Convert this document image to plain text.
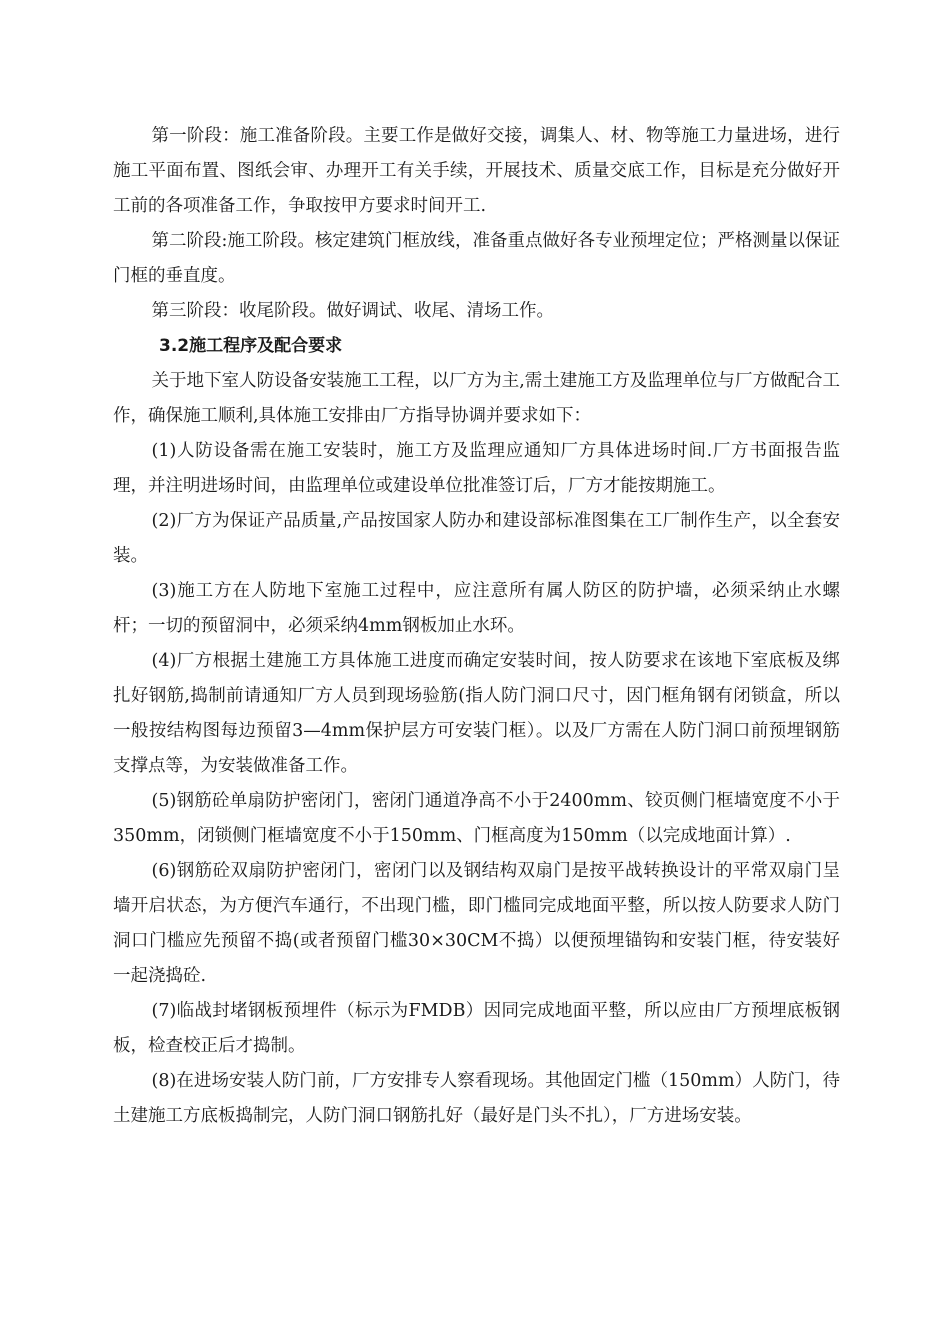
第一阶段：施工准备阶段。主要工作是做好交接，调集人、材、物等施工力量进场，进行施工平面布置、图纸会审、办理开工有关手续，开展技术、质量交底工作，目标是充分做好开工前的各项准备工作，争取按甲方要求时间开工.

第二阶段:施工阶段。核定建筑门框放线，准备重点做好各专业预埋定位；严格测量以保证门框的垂直度。

第三阶段：收尾阶段。做好调试、收尾、清场工作。

3.2施工程序及配合要求

关于地下室人防设备安装施工工程，以厂方为主,需土建施工方及监理单位与厂方做配合工作，确保施工顺利,具体施工安排由厂方指导协调并要求如下：

(1)人防设备需在施工安装时，施工方及监理应通知厂方具体进场时间.厂方书面报告监理，并注明进场时间，由监理单位或建设单位批准签订后，厂方才能按期施工。

(2)厂方为保证产品质量,产品按国家人防办和建设部标准图集在工厂制作生产，以全套安装。

(3)施工方在人防地下室施工过程中，应注意所有属人防区的防护墙，必须采纳止水螺杆；一切的预留洞中，必须采纳4mm钢板加止水环。

(4)厂方根据土建施工方具体施工进度而确定安装时间，按人防要求在该地下室底板及绑扎好钢筋,捣制前请通知厂方人员到现场验筋(指人防门洞口尺寸，因门框角钢有闭锁盒，所以一般按结构图每边预留3—4mm保护层方可安装门框）。以及厂方需在人防门洞口前预埋钢筋支撑点等，为安装做准备工作。

(5)钢筋砼单扇防护密闭门，密闭门通道净高不小于2400mm、铰页侧门框墙宽度不小于350mm，闭锁侧门框墙宽度不小于150mm、门框高度为150mm（以完成地面计算）.

(6)钢筋砼双扇防护密闭门，密闭门以及钢结构双扇门是按平战转换设计的平常双扇门呈墙开启状态，为方便汽车通行，不出现门槛，即门槛同完成地面平整，所以按人防要求人防门洞口门槛应先预留不捣(或者预留门槛30×30CM不捣）以便预埋锚钩和安装门框，待安装好一起浇捣砼.

(7)临战封堵钢板预埋件（标示为FMDB）因同完成地面平整，所以应由厂方预埋底板钢板，检查校正后才捣制。

(8)在进场安装人防门前，厂方安排专人察看现场。其他固定门槛（150mm）人防门，待土建施工方底板捣制完，人防门洞口钢筋扎好（最好是门头不扎），厂方进场安装。
